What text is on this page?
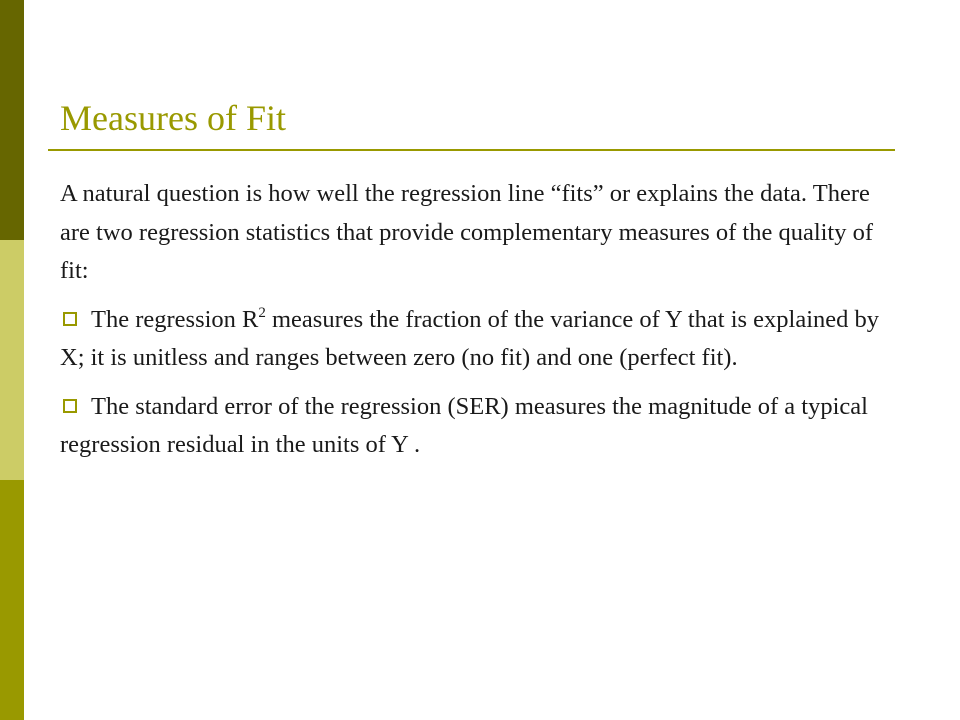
Measures of Fit

A natural question is how well the regression line “fits” or explains the data. There are two regression statistics that provide complementary measures of the quality of fit:

The regression $R^2$ measures the fraction of the variance of Y that is explained by X; it is unitless and ranges between zero (no fit) and one (perfect fit).

The standard error of the regression (SER) measures the magnitude of a typical regression residual in the units of Y .
